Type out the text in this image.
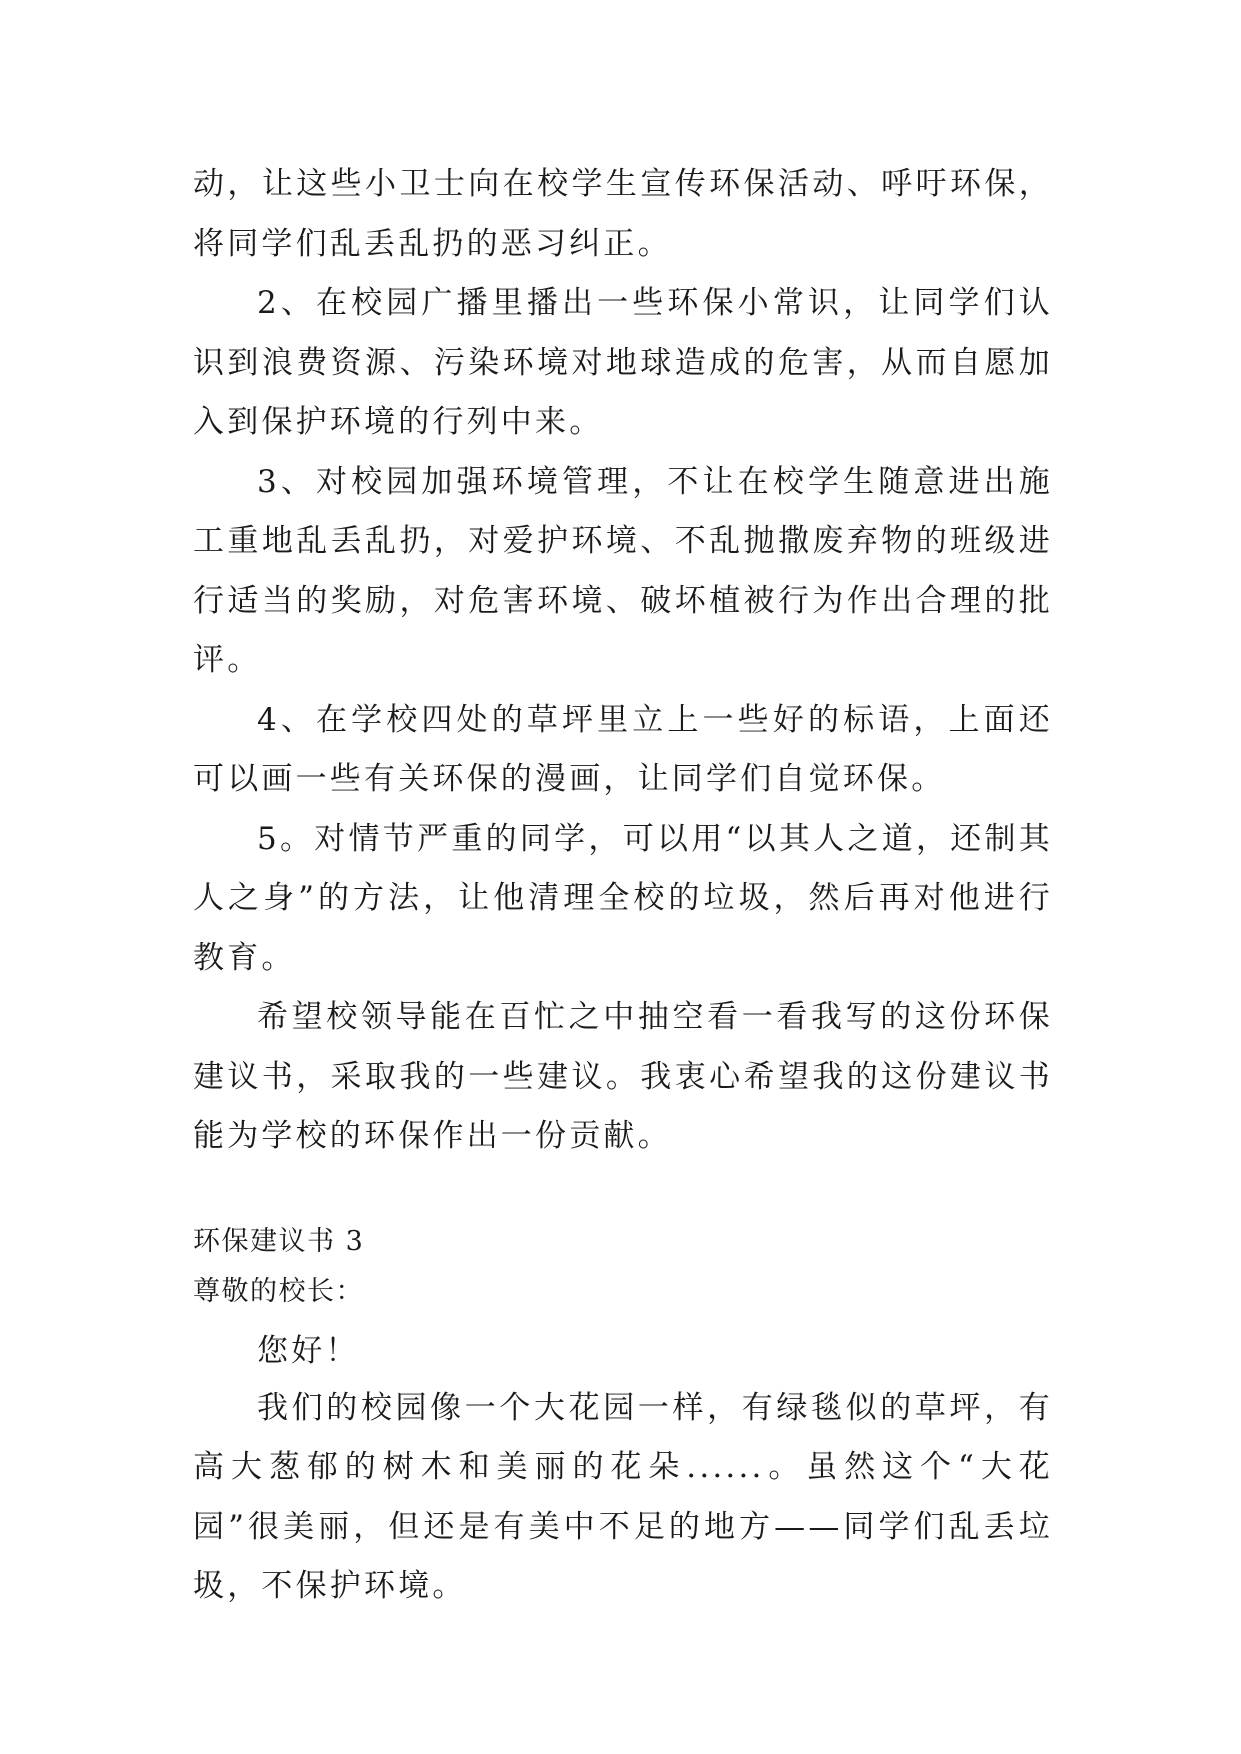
动，让这些小卫士向在校学生宣传环保活动、呼吁环保，将同学们乱丢乱扔的恶习纠正。

2、在校园广播里播出一些环保小常识，让同学们认识到浪费资源、污染环境对地球造成的危害，从而自愿加入到保护环境的行列中来。

3、对校园加强环境管理，不让在校学生随意进出施工重地乱丢乱扔，对爱护环境、不乱抛撒废弃物的班级进行适当的奖励，对危害环境、破坏植被行为作出合理的批评。

4、在学校四处的草坪里立上一些好的标语，上面还可以画一些有关环保的漫画，让同学们自觉环保。

5。对情节严重的同学，可以用“以其人之道，还制其人之身”的方法，让他清理全校的垃圾，然后再对他进行教育。

希望校领导能在百忙之中抽空看一看我写的这份环保建议书，采取我的一些建议。我衷心希望我的这份建议书能为学校的环保作出一份贡献。

环保建议书 3

尊敬的校长：

您好！

我们的校园像一个大花园一样，有绿毯似的草坪，有高大葱郁的树木和美丽的花朵......。虽然这个“大花园”很美丽，但还是有美中不足的地方——同学们乱丢垃圾，不保护环境。
